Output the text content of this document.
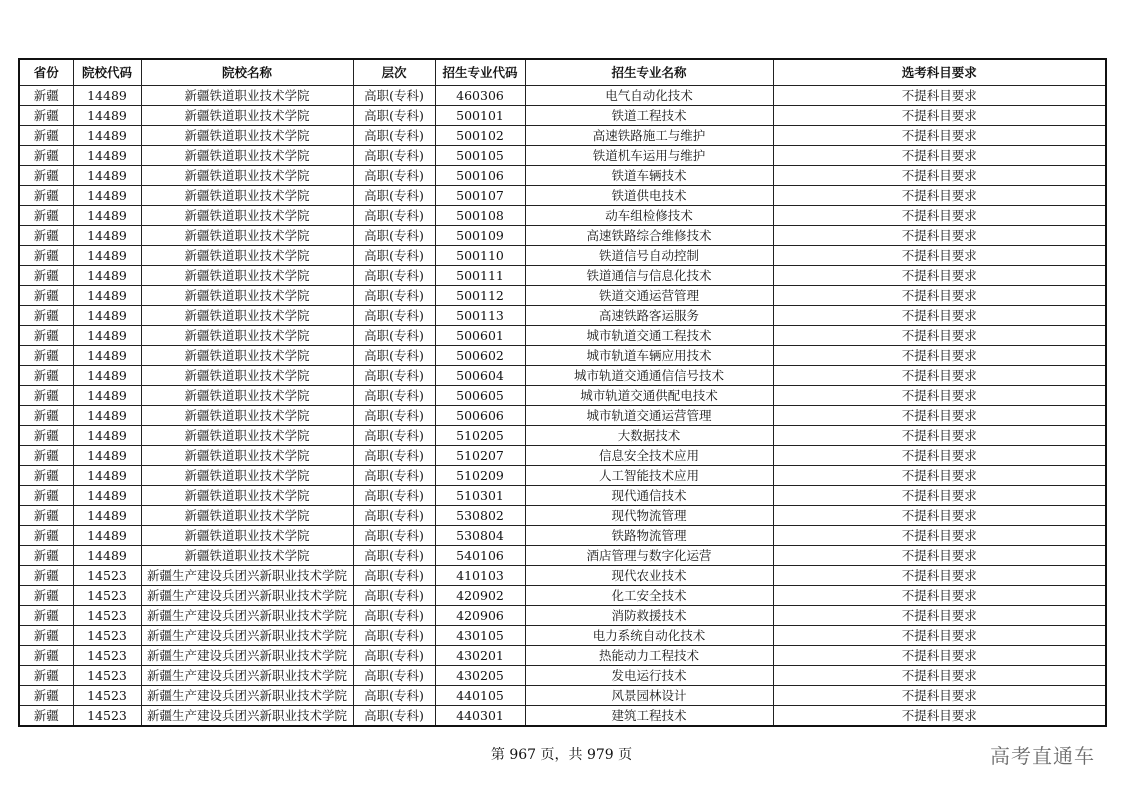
省份	院校代码	院校名称	层次	招生专业代码	招生专业名称	选考科目要求
新疆	14489	新疆铁道职业技术学院	高职(专科)	460306	电气自动化技术	不提科目要求
新疆	14489	新疆铁道职业技术学院	高职(专科)	500101	铁道工程技术	不提科目要求
新疆	14489	新疆铁道职业技术学院	高职(专科)	500102	高速铁路施工与维护	不提科目要求
新疆	14489	新疆铁道职业技术学院	高职(专科)	500105	铁道机车运用与维护	不提科目要求
新疆	14489	新疆铁道职业技术学院	高职(专科)	500106	铁道车辆技术	不提科目要求
新疆	14489	新疆铁道职业技术学院	高职(专科)	500107	铁道供电技术	不提科目要求
新疆	14489	新疆铁道职业技术学院	高职(专科)	500108	动车组检修技术	不提科目要求
新疆	14489	新疆铁道职业技术学院	高职(专科)	500109	高速铁路综合维修技术	不提科目要求
新疆	14489	新疆铁道职业技术学院	高职(专科)	500110	铁道信号自动控制	不提科目要求
新疆	14489	新疆铁道职业技术学院	高职(专科)	500111	铁道通信与信息化技术	不提科目要求
新疆	14489	新疆铁道职业技术学院	高职(专科)	500112	铁道交通运营管理	不提科目要求
新疆	14489	新疆铁道职业技术学院	高职(专科)	500113	高速铁路客运服务	不提科目要求
新疆	14489	新疆铁道职业技术学院	高职(专科)	500601	城市轨道交通工程技术	不提科目要求
新疆	14489	新疆铁道职业技术学院	高职(专科)	500602	城市轨道车辆应用技术	不提科目要求
新疆	14489	新疆铁道职业技术学院	高职(专科)	500604	城市轨道交通通信信号技术	不提科目要求
新疆	14489	新疆铁道职业技术学院	高职(专科)	500605	城市轨道交通供配电技术	不提科目要求
新疆	14489	新疆铁道职业技术学院	高职(专科)	500606	城市轨道交通运营管理	不提科目要求
新疆	14489	新疆铁道职业技术学院	高职(专科)	510205	大数据技术	不提科目要求
新疆	14489	新疆铁道职业技术学院	高职(专科)	510207	信息安全技术应用	不提科目要求
新疆	14489	新疆铁道职业技术学院	高职(专科)	510209	人工智能技术应用	不提科目要求
新疆	14489	新疆铁道职业技术学院	高职(专科)	510301	现代通信技术	不提科目要求
新疆	14489	新疆铁道职业技术学院	高职(专科)	530802	现代物流管理	不提科目要求
新疆	14489	新疆铁道职业技术学院	高职(专科)	530804	铁路物流管理	不提科目要求
新疆	14489	新疆铁道职业技术学院	高职(专科)	540106	酒店管理与数字化运营	不提科目要求
新疆	14523	新疆生产建设兵团兴新职业技术学院	高职(专科)	410103	现代农业技术	不提科目要求
新疆	14523	新疆生产建设兵团兴新职业技术学院	高职(专科)	420902	化工安全技术	不提科目要求
新疆	14523	新疆生产建设兵团兴新职业技术学院	高职(专科)	420906	消防救援技术	不提科目要求
新疆	14523	新疆生产建设兵团兴新职业技术学院	高职(专科)	430105	电力系统自动化技术	不提科目要求
新疆	14523	新疆生产建设兵团兴新职业技术学院	高职(专科)	430201	热能动力工程技术	不提科目要求
新疆	14523	新疆生产建设兵团兴新职业技术学院	高职(专科)	430205	发电运行技术	不提科目要求
新疆	14523	新疆生产建设兵团兴新职业技术学院	高职(专科)	440105	风景园林设计	不提科目要求
新疆	14523	新疆生产建设兵团兴新职业技术学院	高职(专科)	440301	建筑工程技术	不提科目要求
第 967 页，共 979 页	高考直通车
